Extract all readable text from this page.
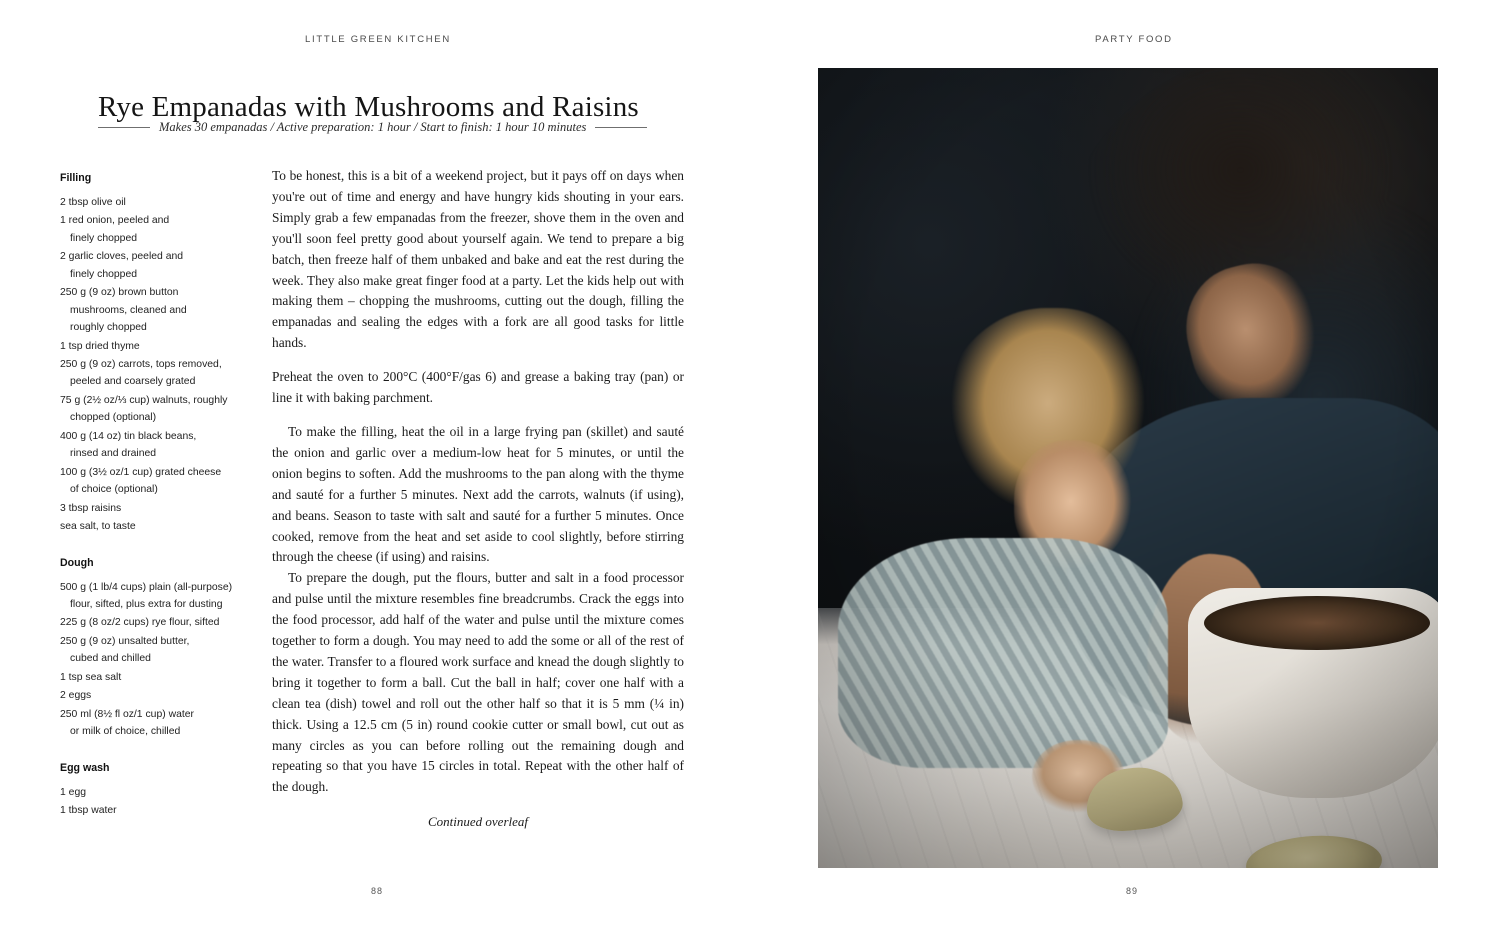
LITTLE GREEN KITCHEN
Rye Empanadas with Mushrooms and Raisins
Makes 30 empanadas / Active preparation: 1 hour / Start to finish: 1 hour 10 minutes
Filling
2 tbsp olive oil
1 red onion, peeled and
finely chopped
2 garlic cloves, peeled and
finely chopped
250 g (9 oz) brown button
mushrooms, cleaned and
roughly chopped
1 tsp dried thyme
250 g (9 oz) carrots, tops removed,
peeled and coarsely grated
75 g (2½ oz/⅓ cup) walnuts, roughly
chopped (optional)
400 g (14 oz) tin black beans,
rinsed and drained
100 g (3½ oz/1 cup) grated cheese
of choice (optional)
3 tbsp raisins
sea salt, to taste
Dough
500 g (1 lb/4 cups) plain (all-purpose)
flour, sifted, plus extra for dusting
225 g (8 oz/2 cups) rye flour, sifted
250 g (9 oz) unsalted butter,
cubed and chilled
1 tsp sea salt
2 eggs
250 ml (8½ fl oz/1 cup) water
or milk of choice, chilled
Egg wash
1 egg
1 tbsp water

To be honest, this is a bit of a weekend project, but it pays off on days when you're out of time and energy and have hungry kids shouting in your ears. Simply grab a few empanadas from the freezer, shove them in the oven and you'll soon feel pretty good about yourself again. We tend to prepare a big batch, then freeze half of them unbaked and bake and eat the rest during the week. They also make great finger food at a party. Let the kids help out with making them – chopping the mushrooms, cutting out the dough, filling the empanadas and sealing the edges with a fork are all good tasks for little hands.

Preheat the oven to 200°C (400°F/gas 6) and grease a baking tray (pan) or line it with baking parchment.

To make the filling, heat the oil in a large frying pan (skillet) and sauté the onion and garlic over a medium-low heat for 5 minutes, or until the onion begins to soften. Add the mushrooms to the pan along with the thyme and sauté for a further 5 minutes. Next add the carrots, walnuts (if using), and beans. Season to taste with salt and sauté for a further 5 minutes. Once cooked, remove from the heat and set aside to cool slightly, before stirring through the cheese (if using) and raisins.

To prepare the dough, put the flours, butter and salt in a food processor and pulse until the mixture resembles fine breadcrumbs. Crack the eggs into the food processor, add half of the water and pulse until the mixture comes together to form a dough. You may need to add the some or all of the rest of the water. Transfer to a floured work surface and knead the dough slightly to bring it together to form a ball. Cut the ball in half; cover one half with a clean tea (dish) towel and roll out the other half so that it is 5 mm (¼ in) thick. Using a 12.5 cm (5 in) round cookie cutter or small bowl, cut out as many circles as you can before rolling out the remaining dough and repeating so that you have 15 circles in total. Repeat with the other half of the dough.

Continued overleaf
88
PARTY FOOD
89
